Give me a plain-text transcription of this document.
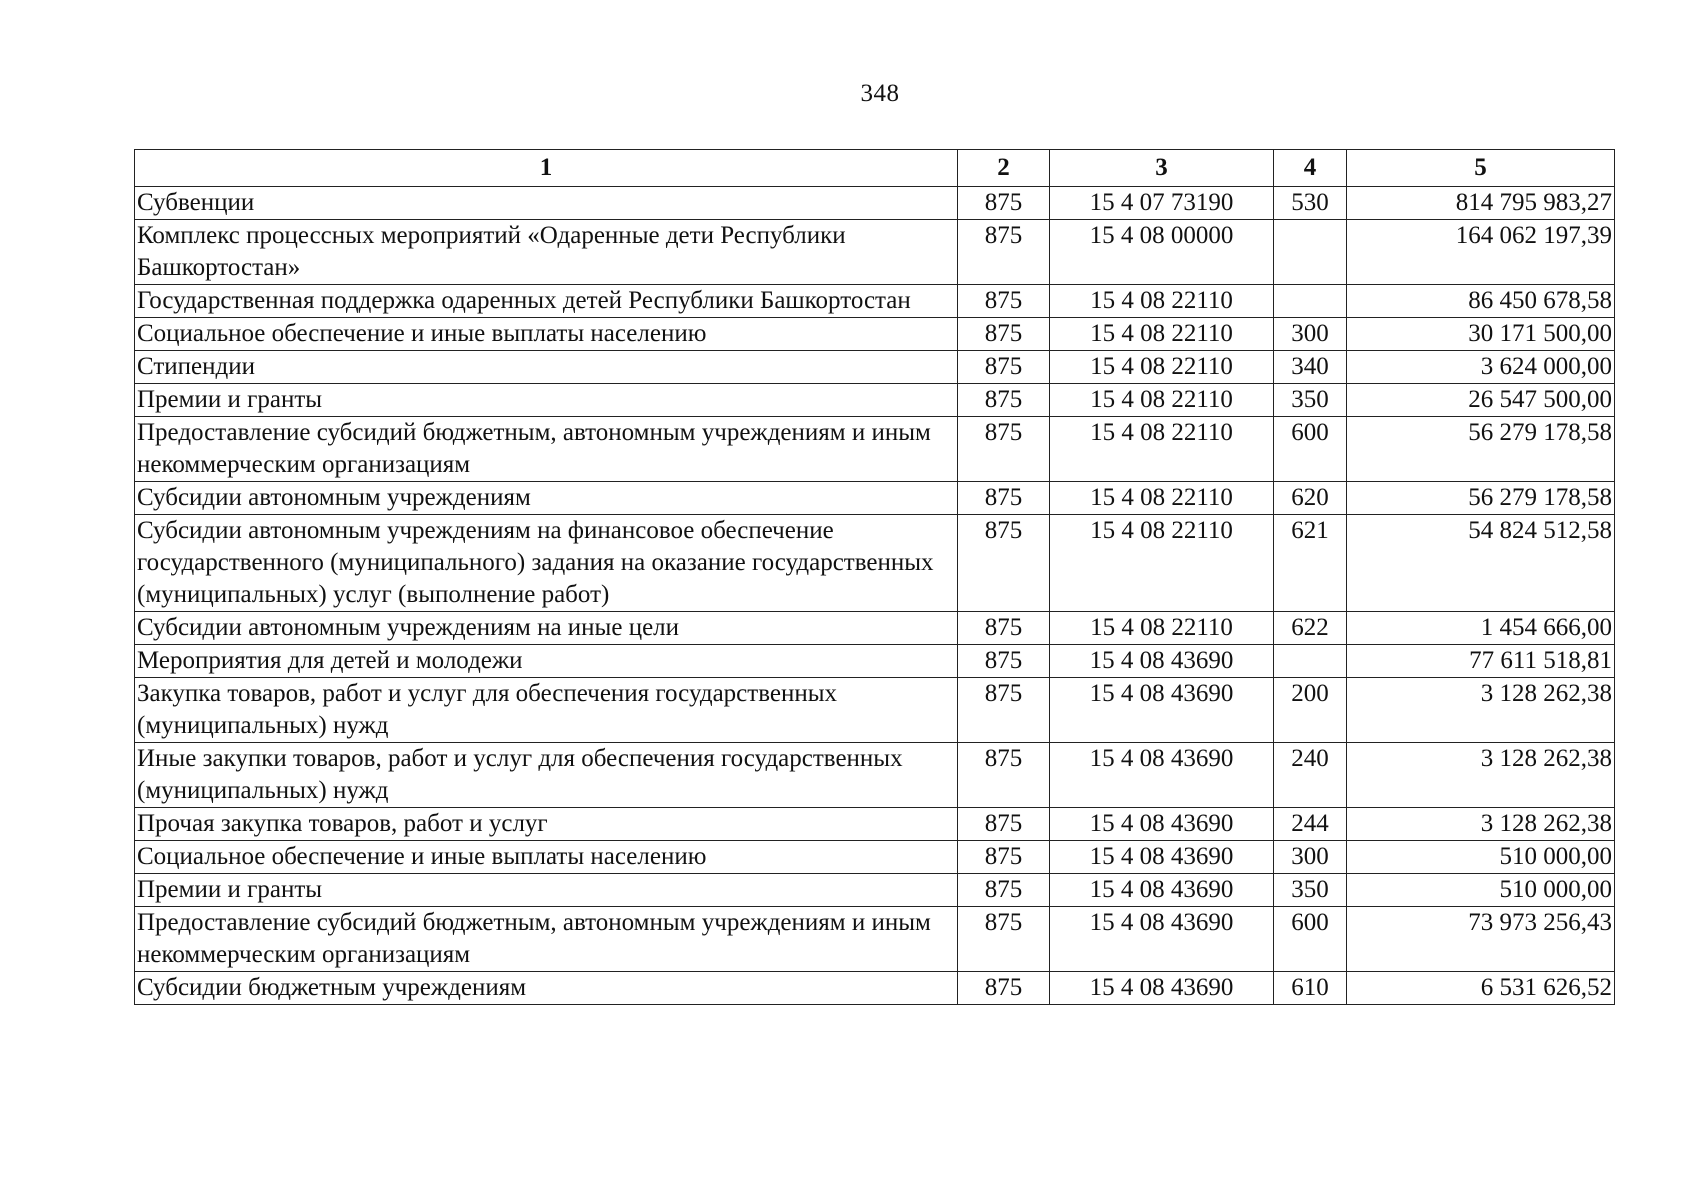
348
1	2	3	4	5
Субвенции	875	15 4 07 73190	530	814 795 983,27
Комплекс процессных мероприятий «Одаренные дети Республики Башкортостан»	875	15 4 08 00000		164 062 197,39
Государственная поддержка одаренных детей Республики Башкортостан	875	15 4 08 22110		86 450 678,58
Социальное обеспечение и иные выплаты населению	875	15 4 08 22110	300	30 171 500,00
Стипендии	875	15 4 08 22110	340	3 624 000,00
Премии и гранты	875	15 4 08 22110	350	26 547 500,00
Предоставление субсидий бюджетным, автономным учреждениям и иным некоммерческим организациям	875	15 4 08 22110	600	56 279 178,58
Субсидии автономным учреждениям	875	15 4 08 22110	620	56 279 178,58
Субсидии автономным учреждениям на финансовое обеспечение государственного (муниципального) задания на оказание государственных (муниципальных) услуг (выполнение работ)	875	15 4 08 22110	621	54 824 512,58
Субсидии автономным учреждениям на иные цели	875	15 4 08 22110	622	1 454 666,00
Мероприятия для детей и молодежи	875	15 4 08 43690		77 611 518,81
Закупка товаров, работ и услуг для обеспечения государственных (муниципальных) нужд	875	15 4 08 43690	200	3 128 262,38
Иные закупки товаров, работ и услуг для обеспечения государственных (муниципальных) нужд	875	15 4 08 43690	240	3 128 262,38
Прочая закупка товаров, работ и услуг	875	15 4 08 43690	244	3 128 262,38
Социальное обеспечение и иные выплаты населению	875	15 4 08 43690	300	510 000,00
Премии и гранты	875	15 4 08 43690	350	510 000,00
Предоставление субсидий бюджетным, автономным учреждениям и иным некоммерческим организациям	875	15 4 08 43690	600	73 973 256,43
Субсидии бюджетным учреждениям	875	15 4 08 43690	610	6 531 626,52
